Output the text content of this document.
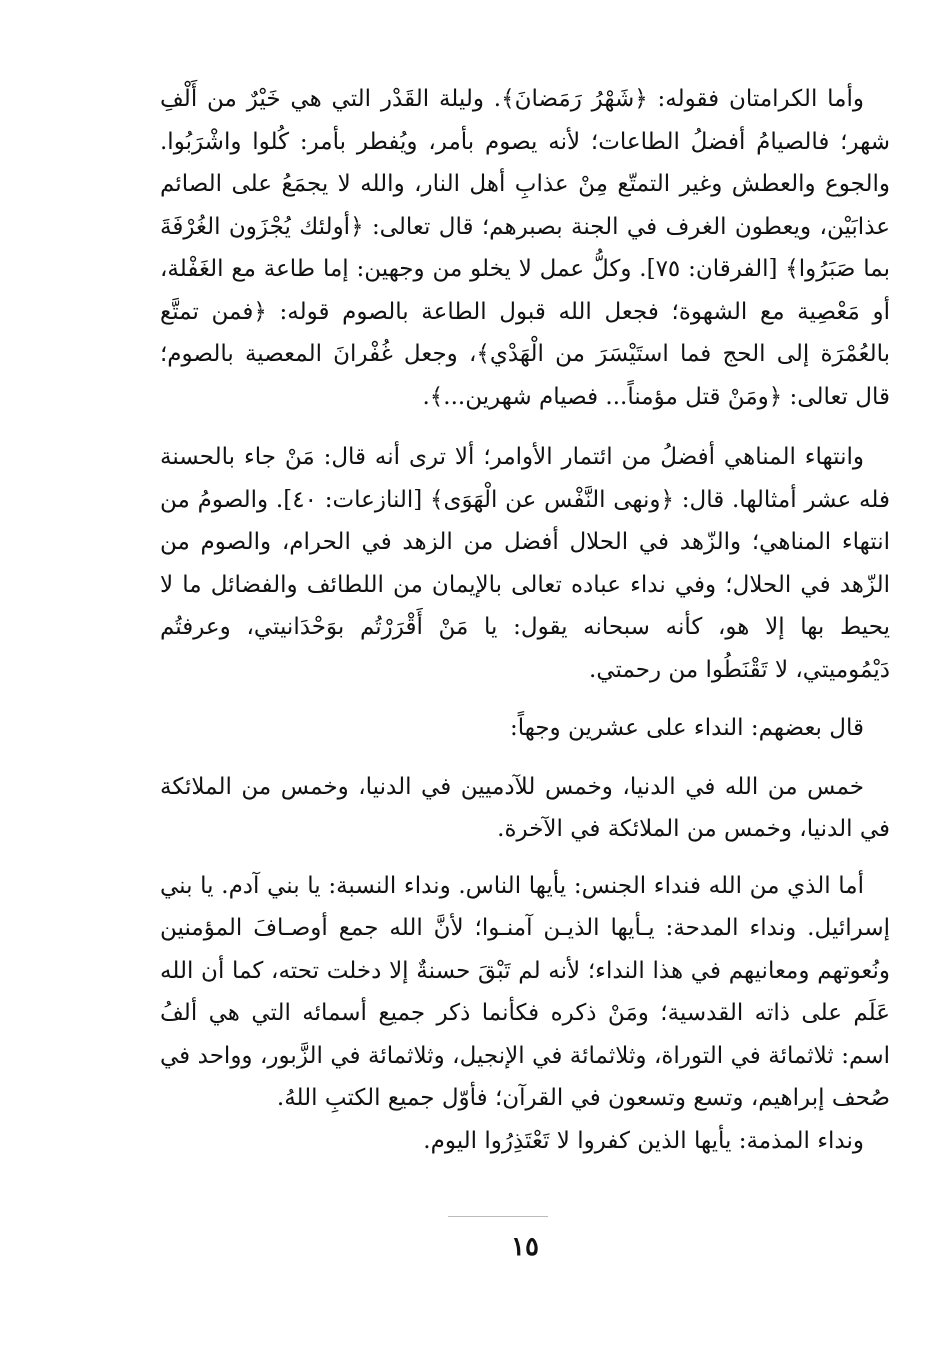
وأما الكرامتان فقوله: ﴿شَهْرُ رَمَضانَ﴾. وليلة القَدْر التي هي خَيْرٌ من أَلْفِ شهر؛ فالصيامُ أفضلُ الطاعات؛ لأنه يصوم بأمر، ويُفطر بأمر: كُلوا واشْرَبُوا. والجوع والعطش وغير التمتّع مِنْ عذابِ أهل النار، والله لا يجمَعُ على الصائم عذابَيْن، ويعطون الغرف في الجنة بصبرهم؛ قال تعالى: ﴿أولئك يُجْزَون الغُرْفَةَ بما صَبَرُوا﴾ [الفرقان: ٧٥]. وكلُّ عمل لا يخلو من وجهين: إما طاعة مع الغَفْلة، أو مَعْصِية مع الشهوة؛ فجعل الله قبول الطاعة بالصوم قوله: ﴿فمن تمتَّع بالعُمْرَة إلى الحج فما استَيْسَرَ من الْهَدْي﴾، وجعل غُفْرانَ المعصية بالصوم؛ قال تعالى: ﴿ومَنْ قتل مؤمناً... فصيام شهرين...﴾.

وانتهاء المناهي أفضلُ من ائتمار الأوامر؛ ألا ترى أنه قال: مَنْ جاء بالحسنة فله عشر أمثالها. قال: ﴿ونهى النَّفْس عن الْهَوَى﴾ [النازعات: ٤٠]. والصومُ من انتهاء المناهي؛ والزّهد في الحلال أفضل من الزهد في الحرام، والصوم من الزّهد في الحلال؛ وفي نداء عباده تعالى بالإيمان من اللطائف والفضائل ما لا يحيط بها إلا هو، كأنه سبحانه يقول: يا مَنْ أَقْرَرْتُم بوَحْدَانيتي، وعرفتُم دَيْمُوميتي، لا تَقْنَطُوا من رحمتي.

قال بعضهم: النداء على عشرين وجهاً:

خمس من الله في الدنيا، وخمس للآدميين في الدنيا، وخمس من الملائكة في الدنيا، وخمس من الملائكة في الآخرة.

أما الذي من الله فنداء الجنس: يأيها الناس. ونداء النسبة: يا بني آدم. يا بني إسرائيل. ونداء المدحة: يـأيها الذيـن آمنـوا؛ لأنَّ الله جمع أوصـافَ المؤمنين ونُعوتهم ومعانيهم في هذا النداء؛ لأنه لم تَبْقَ حسنةٌ إلا دخلت تحته، كما أن الله عَلَم على ذاته القدسية؛ ومَنْ ذكره فكأنما ذكر جميع أسمائه التي هي ألفُ اسم: ثلاثمائة في التوراة، وثلاثمائة في الإنجيل، وثلاثمائة في الزَّبور، وواحد في صُحف إبراهيم، وتسع وتسعون في القرآن؛ فأوّل جميع الكتبِ اللهُ.

ونداء المذمة: يأيها الذين كفروا لا تَعْتَذِرُوا اليوم.

١٥
